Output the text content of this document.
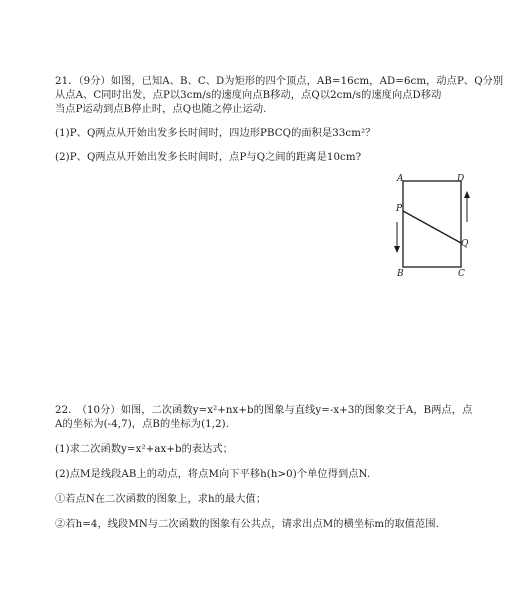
21．（9分）如图，已知A、B、C、D为矩形的四个顶点，AB=16cm，AD=6cm，动点P、Q分别
从点A、C同时出发，点P以3cm/s的速度向点B移动，点Q以2cm/s的速度向点D移动
当点P运动到点B停止时，点Q也随之停止运动.
(1)P、Q两点从开始出发多长时间时，四边形PBCQ的面积是33cm²？
(2)P、Q两点从开始出发多长时间时，点P与Q之间的距离是10cm?
A	D
P
Q
B	C
22.　（10分）如图，二次函数y=x²+nx+b的图象与直线y=-x+3的图象交于A，B两点，点
A的坐标为(-4,7)，点B的坐标为(1,2).
(1)求二次函数y=x²+ax+b的表达式；
(2)点M是线段AB上的动点，将点M向下平移h(h>0)个单位得到点N.
①若点N在二次函数的图象上，求h的最大值；
②若h=4，线段MN与二次函数的图象有公共点，请求出点M的横坐标m的取值范围.
